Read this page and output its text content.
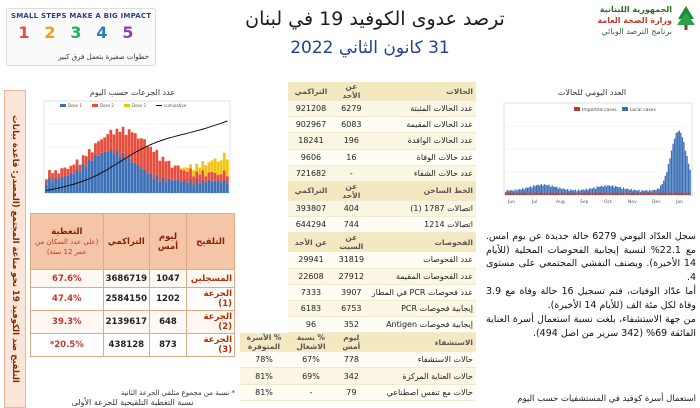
SMALL STEPS MAKE A BIG IMPACT
1 2 3 4 5
خطوات صغيرة بتعمل فرق كبير
ترصد عدوى الكوفيد 19 في لبنان
31 كانون الثاني 2022
الجمهورية اللبنانية
وزارة الصحة العامة
برنامج الترصد الوبائي
التلقيح ضد الكوفيد 19 نحو مناعة المجتمع (المصدر: قاعدة بيانات
عدد الجرعات حسب اليوم
Dose 1	Dose 2	Dose 3	cumulative
التلقيح	ليوم أمس	التراكمي	التغطية
(على عدد السكان من عمر 12 سنة)
المسجلين	1047	3686719	67.6%
الجرعة (1)	1202	2584150	47.4%
الجرعة (2)	648	2139617	39.3%
الجرعة (3)	873	438128	20.5%*
* نسبة من مجموع متلقي الجرعة الثانية
نسبة التغطية التلقيحية للجرعة الأولى
الحالات	عن الأحد	التراكمي	
عدد الحالات المثبتة	6279	921208	
عدد الحالات المقيمة	6083	902967	
عدد الحالات الوافدة	196	18241	
عدد حالات الوفاة	16	9606	
عدد حالات الشفاء	-	721682	
الخط الساخن	عن الأحد	التراكمي	
اتصالات 1787 (1)	404	393807	
اتصالات 1214	744	644294	
الفحوصات	عن السبت	عن الأحد	
عدد الفحوصات	31819	29941	
عدد الفحوصات المقيمة	27912	22608	
عدد فحوصات PCR في المطار	3907	7333	
إيجابية فحوصات PCR	6753	6183	
إيجابية فحوصات Antigen	352	96	
الاستشفاء	ليوم أمس	% نسبة الاشغال	% الأسرة المتوفرة
حالات الاستشفاء	778	67%	78%
حالات العناية المركزة	342	69%	81%
حالات مع تنفس اصطناعي	79	-	81%
العدد اليومي للحالات
Imported cases	Local cases
Jun	Jul	Aug	Sep	Oct	Nov	Dec	Jan

سجل العدّاد اليومي 6279 حالة جديدة عن يوم امس. مع 22.1% لنسبة إيجابية الفحوصات المحلية (للأيام 14 الأخيرة). ويصنف التفشي المجتمعي على مستوى 4.

أما عدّاد الوفيات، فتم تسجيل 16 حالة وفاة مع 3.9 وفاة لكل مئة الف (للأيام 14 الأخيرة).

من جهة الاستشفاء، بلغت نسبة استعمال أسرة العناية الفائقة 69% (342 سرير من اصل 494).

استعمال أسرة كوفيد في المستشفيات حسب اليوم
